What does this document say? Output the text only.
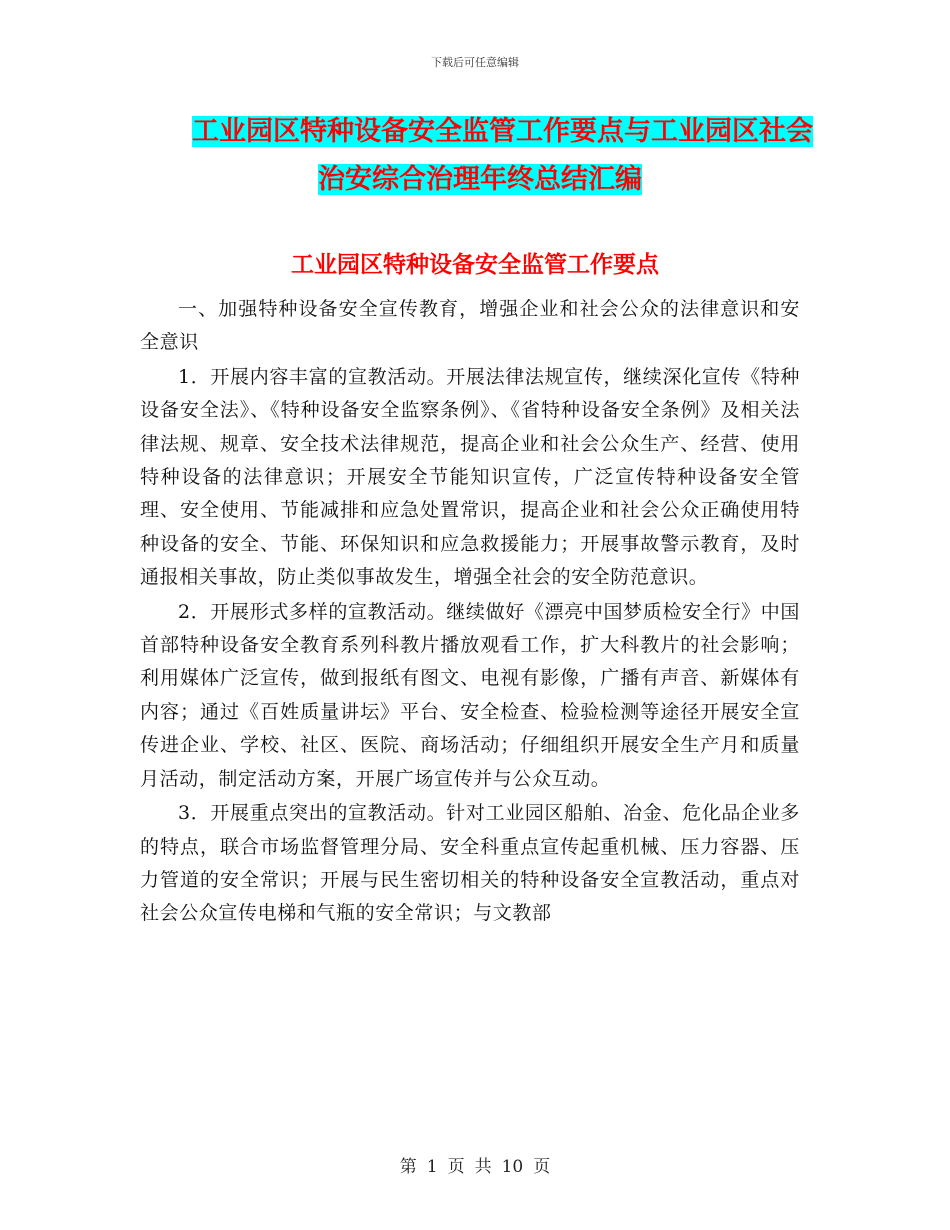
下载后可任意编辑
工业园区特种设备安全监管工作要点与工业园区社会
治安综合治理年终总结汇编
工业园区特种设备安全监管工作要点

一、加强特种设备安全宣传教育，增强企业和社会公众的法律意识和安全意识

1．开展内容丰富的宣教活动。开展法律法规宣传，继续深化宣传《特种设备安全法》、《特种设备安全监察条例》、《省特种设备安全条例》及相关法律法规、规章、安全技术法律规范，提高企业和社会公众生产、经营、使用特种设备的法律意识；开展安全节能知识宣传，广泛宣传特种设备安全管理、安全使用、节能减排和应急处置常识，提高企业和社会公众正确使用特种设备的安全、节能、环保知识和应急救援能力；开展事故警示教育，及时通报相关事故，防止类似事故发生，增强全社会的安全防范意识。

2．开展形式多样的宣教活动。继续做好《漂亮中国梦质检安全行》中国首部特种设备安全教育系列科教片播放观看工作，扩大科教片的社会影响；利用媒体广泛宣传，做到报纸有图文、电视有影像，广播有声音、新媒体有内容；通过《百姓质量讲坛》平台、安全检查、检验检测等途径开展安全宣传进企业、学校、社区、医院、商场活动；仔细组织开展安全生产月和质量月活动，制定活动方案，开展广场宣传并与公众互动。

3．开展重点突出的宣教活动。针对工业园区船舶、冶金、危化品企业多的特点，联合市场监督管理分局、安全科重点宣传起重机械、压力容器、压力管道的安全常识；开展与民生密切相关的特种设备安全宣教活动，重点对社会公众宣传电梯和气瓶的安全常识；与文教部

第 1 页 共 10 页
